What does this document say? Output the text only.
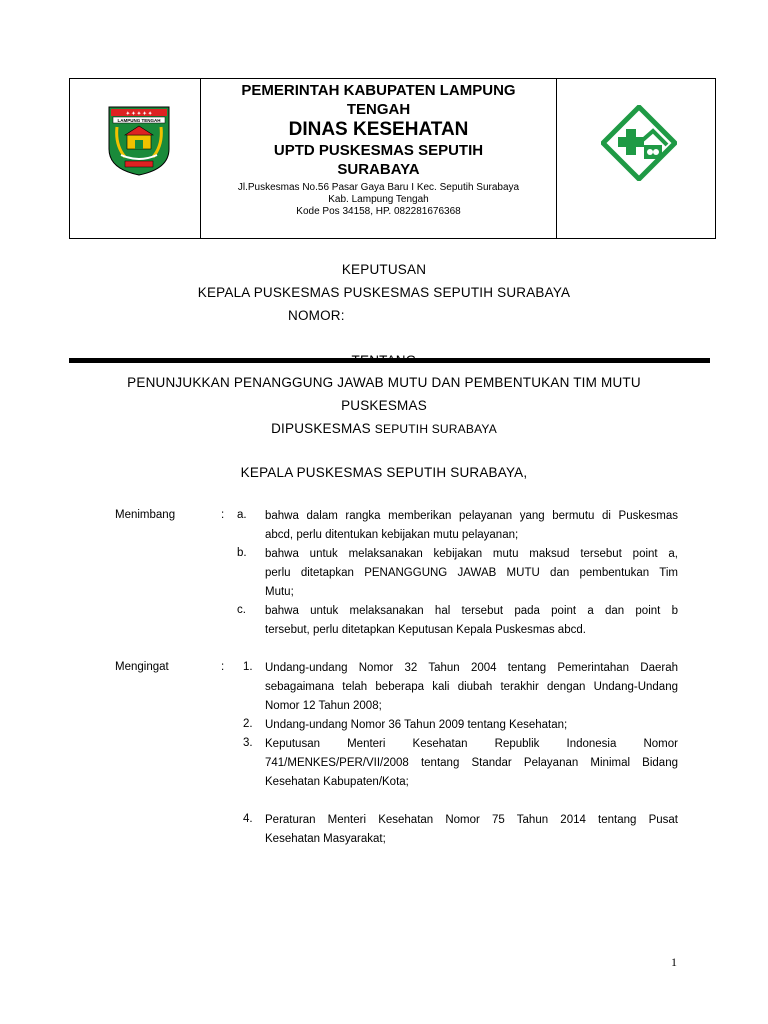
✦ ✦ ✦ ✦ ✦
LAMPUNG TENGAH
PEMERINTAH KABUPATEN LAMPUNG
TENGAH
DINAS KESEHATAN
UPTD PUSKESMAS SEPUTIH
SURABAYA
Jl.Puskesmas No.56 Pasar Gaya Baru I Kec. Seputih Surabaya
Kab. Lampung Tengah
Kode Pos 34158, HP. 082281676368
KEPUTUSAN
KEPALA PUSKESMAS PUSKESMAS SEPUTIH SURABAYA
NOMOR:
PENUNJUKKAN PENANGGUNG JAWAB MUTU DAN PEMBENTUKAN TIM MUTU
PUSKESMAS
DIPUSKESMAS SEPUTIH SURABAYA
KEPALA PUSKESMAS SEPUTIH SURABAYA,
Menimbang	: a. bahwa dalam rangka memberikan pelayanan yang bermutu di Puskesmas
abcd, perlu ditentukan kebijakan mutu pelayanan;
b. bahwa untuk melaksanakan kebijakan mutu maksud tersebut point a,
perlu ditetapkan PENANGGUNG JAWAB MUTU dan pembentukan Tim
Mutu;
c. bahwa untuk melaksanakan hal tersebut pada point a dan point b
tersebut, perlu ditetapkan Keputusan Kepala Puskesmas abcd.
Mengingat	: 1. Undang-undang Nomor 32 Tahun 2004 tentang Pemerintahan Daerah
sebagaimana telah beberapa kali diubah terakhir dengan Undang-Undang
Nomor 12 Tahun 2008;
2. Undang-undang Nomor 36 Tahun 2009 tentang Kesehatan;
3. Keputusan Menteri Kesehatan Republik Indonesia Nomor
741/MENKES/PER/VII/2008 tentang Standar Pelayanan Minimal Bidang
Kesehatan Kabupaten/Kota;
4. Peraturan Menteri Kesehatan Nomor 75 Tahun 2014 tentang Pusat
Kesehatan Masyarakat;
1
